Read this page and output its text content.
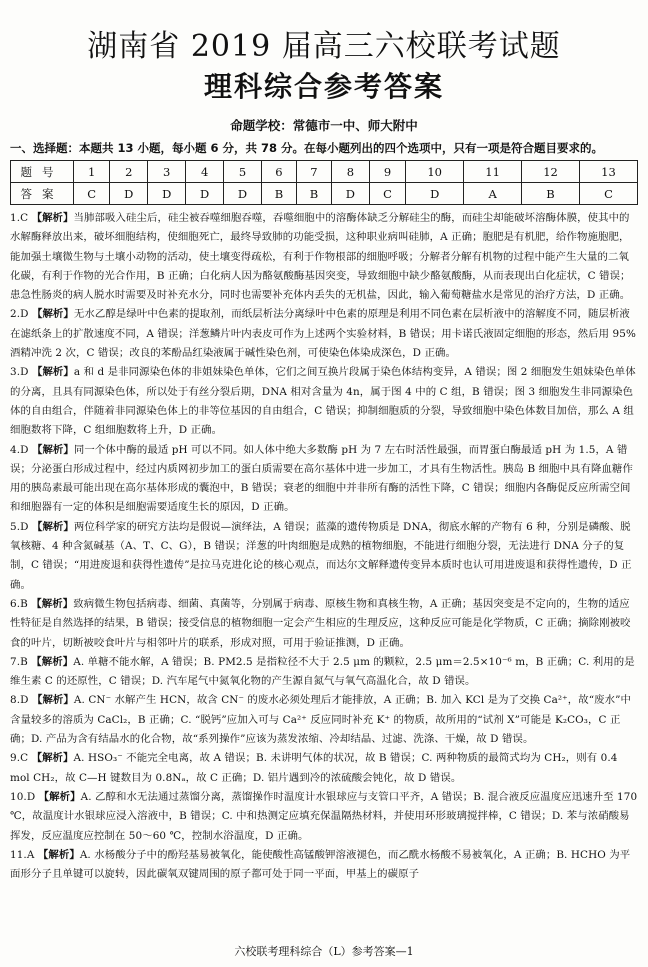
湖南省 2019 届高三六校联考试题
理科综合参考答案
命题学校：常德市一中、师大附中
一、选择题：本题共 13 小题，每小题 6 分，共 78 分。在每小题列出的四个选项中，只有一项是符合题目要求的。
题号	1	2	3	4	5	6	7	8	9	10	11	12	13
答案	C	D	D	D	D	B	B	D	C	D	A	B	C

1.C 【解析】当肺部吸入硅尘后，硅尘被吞噬细胞吞噬，吞噬细胞中的溶酶体缺乏分解硅尘的酶，而硅尘却能破坏溶酶体膜，使其中的水解酶释放出来，破坏细胞结构，使细胞死亡，最终导致肺的功能受损，这种职业病叫硅肺，A 正确；胞肥是有机肥，给作物施胞肥，能加强土壤微生物与土壤小动物的活动，使土壤变得疏松，有利于作物根部的细胞呼吸；分解者分解有机物的过程中能产生大量的二氧化碳，有利于作物的光合作用，B 正确；白化病人因为酪氨酸酶基因突变，导致细胞中缺少酪氨酸酶，从而表现出白化症状，C 错误；患急性肠炎的病人脱水时需要及时补充水分，同时也需要补充体内丢失的无机盐，因此，输入葡萄糖盐水是常见的治疗方法，D 正确。

2.D 【解析】无水乙醇是绿叶中色素的提取剂，而纸层析法分离绿叶中色素的原理是利用不同色素在层析液中的溶解度不同，随层析液在滤纸条上的扩散速度不同，A 错误；洋葱鳞片叶内表皮可作为上述两个实验材料，B 错误；用卡诺氏液固定细胞的形态，然后用 95%酒精冲洗 2 次，C 错误；改良的苯酚品红染液属于碱性染色剂，可使染色体染成深色，D 正确。

3.D 【解析】a 和 d 是非同源染色体的非姐妹染色单体，它们之间互换片段属于染色体结构变异，A 错误；图 2 细胞发生姐妹染色单体的分离，且具有同源染色体，所以处于有丝分裂后期，DNA 相对含量为 4n，属于图 4 中的 C 组，B 错误；图 3 细胞发生非同源染色体的自由组合，伴随着非同源染色体上的非等位基因的自由组合，C 错误；抑制细胞质的分裂，导致细胞中染色体数目加倍，那么 A 组细胞数将下降，C 组细胞数将上升，D 正确。

4.D 【解析】同一个体中酶的最适 pH 可以不同。如人体中绝大多数酶 pH 为 7 左右时活性最强，而胃蛋白酶最适 pH 为 1.5，A 错误；分泌蛋白形成过程中，经过内质网初步加工的蛋白质需要在高尔基体中进一步加工，才具有生物活性。胰岛 B 细胞中具有降血糖作用的胰岛素最可能出现在高尔基体形成的囊泡中，B 错误；衰老的细胞中并非所有酶的活性下降，C 错误；细胞内各酶促反应所需空间和细胞器有一定的体积是细胞需要适度生长的原因，D 正确。

5.D 【解析】两位科学家的研究方法均是假说—演绎法，A 错误；蓝藻的遗传物质是 DNA，彻底水解的产物有 6 种，分别是磷酸、脱氧核糖、4 种含氮碱基（A、T、C、G），B 错误；洋葱的叶肉细胞是成熟的植物细胞，不能进行细胞分裂，无法进行 DNA 分子的复制，C 错误；“用进废退和获得性遗传”是拉马克进化论的核心观点，而达尔文解释遗传变异本质时也认可用进废退和获得性遗传，D 正确。

6.B 【解析】致病微生物包括病毒、细菌、真菌等，分别属于病毒、原核生物和真核生物，A 正确；基因突变是不定向的，生物的适应性特征是自然选择的结果，B 错误；接受信息的植物细胞一定会产生相应的生理反应，这种反应可能是化学物质，C 正确；摘除刚被咬食的叶片，切断被咬食叶片与相邻叶片的联系，形成对照，可用于验证推测，D 正确。

7.B 【解析】A. 单糖不能水解，A 错误；B. PM2.5 是指粒径不大于 2.5 μm 的颗粒，2.5 μm＝2.5×10⁻⁶ m，B 正确；C. 利用的是维生素 C 的还原性，C 错误；D. 汽车尾气中氮氧化物的产生源自氮气与氧气高温化合，故 D 错误。

8.D 【解析】A. CN⁻ 水解产生 HCN，故含 CN⁻ 的废水必须处理后才能排放，A 正确；B. 加入 KCl 是为了交换 Ca²⁺，故“废水”中含量较多的溶质为 CaCl₂，B 正确；C. “脱钙”应加入可与 Ca²⁺ 反应同时补充 K⁺ 的物质，故所用的“试剂 X”可能是 K₂CO₃，C 正确；D. 产品为含有结晶水的化合物，故“系列操作”应该为蒸发浓缩、冷却结晶、过滤、洗涤、干燥，故 D 错误。

9.C 【解析】A. HSO₃⁻ 不能完全电离，故 A 错误；B. 未讲明气体的状况，故 B 错误；C. 两种物质的最简式均为 CH₂，则有 0.4 mol CH₂，故 C—H 键数目为 0.8Nₐ，故 C 正确；D. 铝片遇到冷的浓硫酸会钝化，故 D 错误。

10.D 【解析】A. 乙醇和水无法通过蒸馏分离，蒸馏操作时温度计水银球应与支管口平齐，A 错误；B. 混合液反应温度应迅速升至 170 ℃，故温度计水银球应浸入溶液中，B 错误；C. 中和热测定应填充保温隔热材料，并使用环形玻璃搅拌棒，C 错误；D. 苯与浓硝酸易挥发，反应温度应控制在 50～60 ℃，控制水浴温度，D 正确。

11.A 【解析】A. 水杨酸分子中的酚羟基易被氧化，能使酸性高锰酸钾溶液褪色，而乙酰水杨酸不易被氧化，A 正确；B. HCHO 为平面形分子且单键可以旋转，因此碳氧双键周围的原子都可处于同一平面，甲基上的碳原子

六校联考理科综合（L）参考答案—1
